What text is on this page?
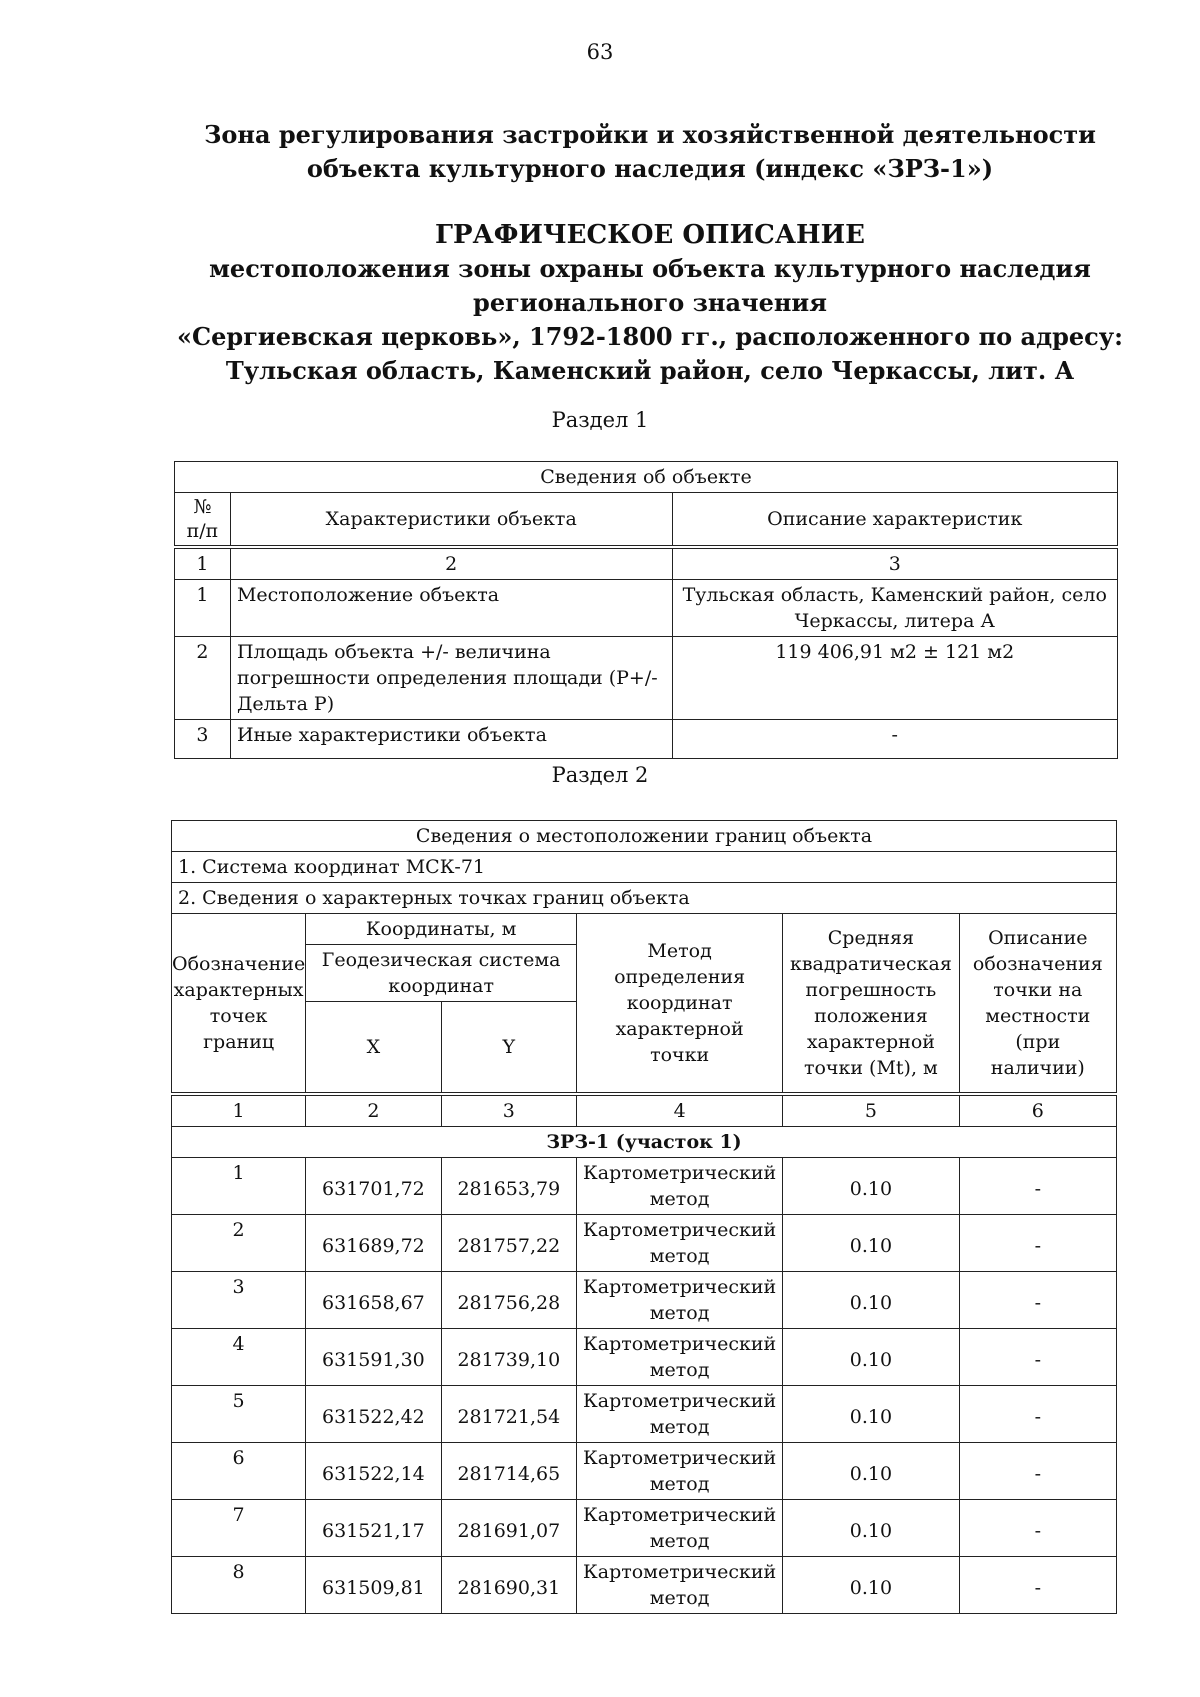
63
Зона регулирования застройки и хозяйственной деятельности
объекта культурного наследия (индекс «ЗРЗ-1»)
ГРАФИЧЕСКОЕ ОПИСАНИЕ
местоположения зоны охраны объекта культурного наследия
регионального значения
«Сергиевская церковь», 1792-1800 гг., расположенного по адресу:
Тульская область, Каменский район, село Черкассы, лит. А
Раздел 1
Сведения об объекте		
№ п/п	Характеристики объекта	Описание характеристик
1	2	3
1	Местоположение объекта	Тульская область, Каменский район, село Черкассы, литера А
2	Площадь объекта +/- величина погрешности определения площади (Р+/- Дельта Р)	119 406,91 м2 ± 121 м2
3	Иные характеристики объекта	-
Раздел 2
Сведения о местоположении границ объекта					
1. Система координат МСК-71					
2. Сведения о характерных точках границ объекта					
Обозначение характерных точек границ	Координаты, м		Метод определения координат характерной точки	Средняя квадратическая погрешность положения характерной точки (Mt), м	Описание обозначения точки на местности (при наличии)
	Геодезическая система координат				
	X	Y			
1	2	3	4	5	6
ЗРЗ-1 (участок 1)					
1	631701,72	281653,79	Картометрический метод	0.10	-
2	631689,72	281757,22	Картометрический метод	0.10	-
3	631658,67	281756,28	Картометрический метод	0.10	-
4	631591,30	281739,10	Картометрический метод	0.10	-
5	631522,42	281721,54	Картометрический метод	0.10	-
6	631522,14	281714,65	Картометрический метод	0.10	-
7	631521,17	281691,07	Картометрический метод	0.10	-
8	631509,81	281690,31	Картометрический метод	0.10	-
